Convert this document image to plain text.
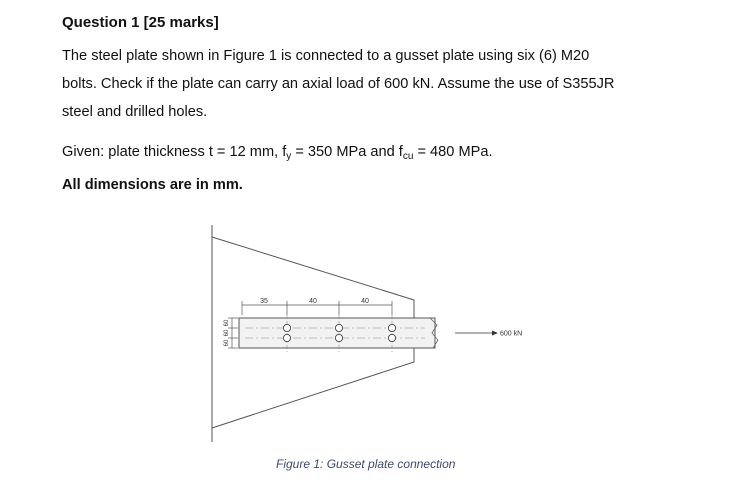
Question 1 [25 marks]
The steel plate shown in Figure 1 is connected to a gusset plate using six (6) M20
bolts. Check if the plate can carry an axial load of 600 kN. Assume the use of S355JR
steel and drilled holes.
Given: plate thickness t = 12 mm, $f_y = 350$ MPa and $f_{cu} = 480$ MPa.
All dimensions are in mm.
35	40	40
60
60
60
600 kN
Figure 1: Gusset plate connection
